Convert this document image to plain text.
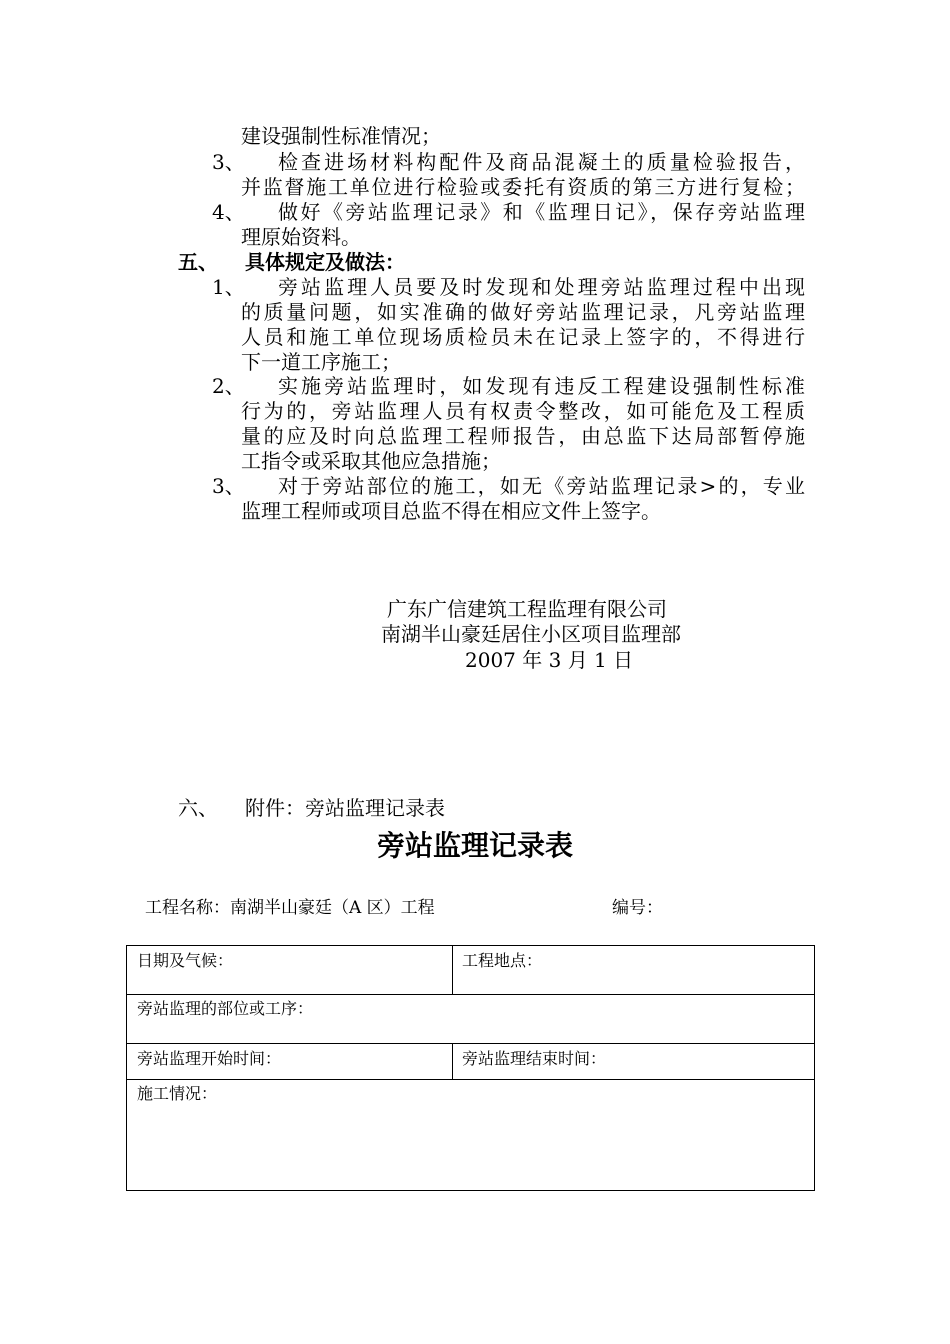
建设强制性标准情况；
3、 检查进场材料构配件及商品混凝土的质量检验报告，
并监督施工单位进行检验或委托有资质的第三方进行复检；
4、 做好《旁站监理记录》和《监理日记》，保存旁站监理
理原始资料。
五、 具体规定及做法：
1、 旁站监理人员要及时发现和处理旁站监理过程中出现
的质量问题，如实准确的做好旁站监理记录，凡旁站监理
人员和施工单位现场质检员未在记录上签字的，不得进行
下一道工序施工；
2、 实施旁站监理时，如发现有违反工程建设强制性标准
行为的，旁站监理人员有权责令整改，如可能危及工程质
量的应及时向总监理工程师报告，由总监下达局部暂停施
工指令或采取其他应急措施；
3、 对于旁站部位的施工，如无《旁站监理记录>的，专业
监理工程师或项目总监不得在相应文件上签字。
广东广信建筑工程监理有限公司
南湖半山豪廷居住小区项目监理部
2007 年 3 月 1 日
六、 附件：旁站监理记录表
旁站监理记录表
工程名称：南湖半山豪廷（A 区）工程	编号：
日期及气候：	工程地点：
旁站监理的部位或工序：
旁站监理开始时间：	旁站监理结束时间：
施工情况：
